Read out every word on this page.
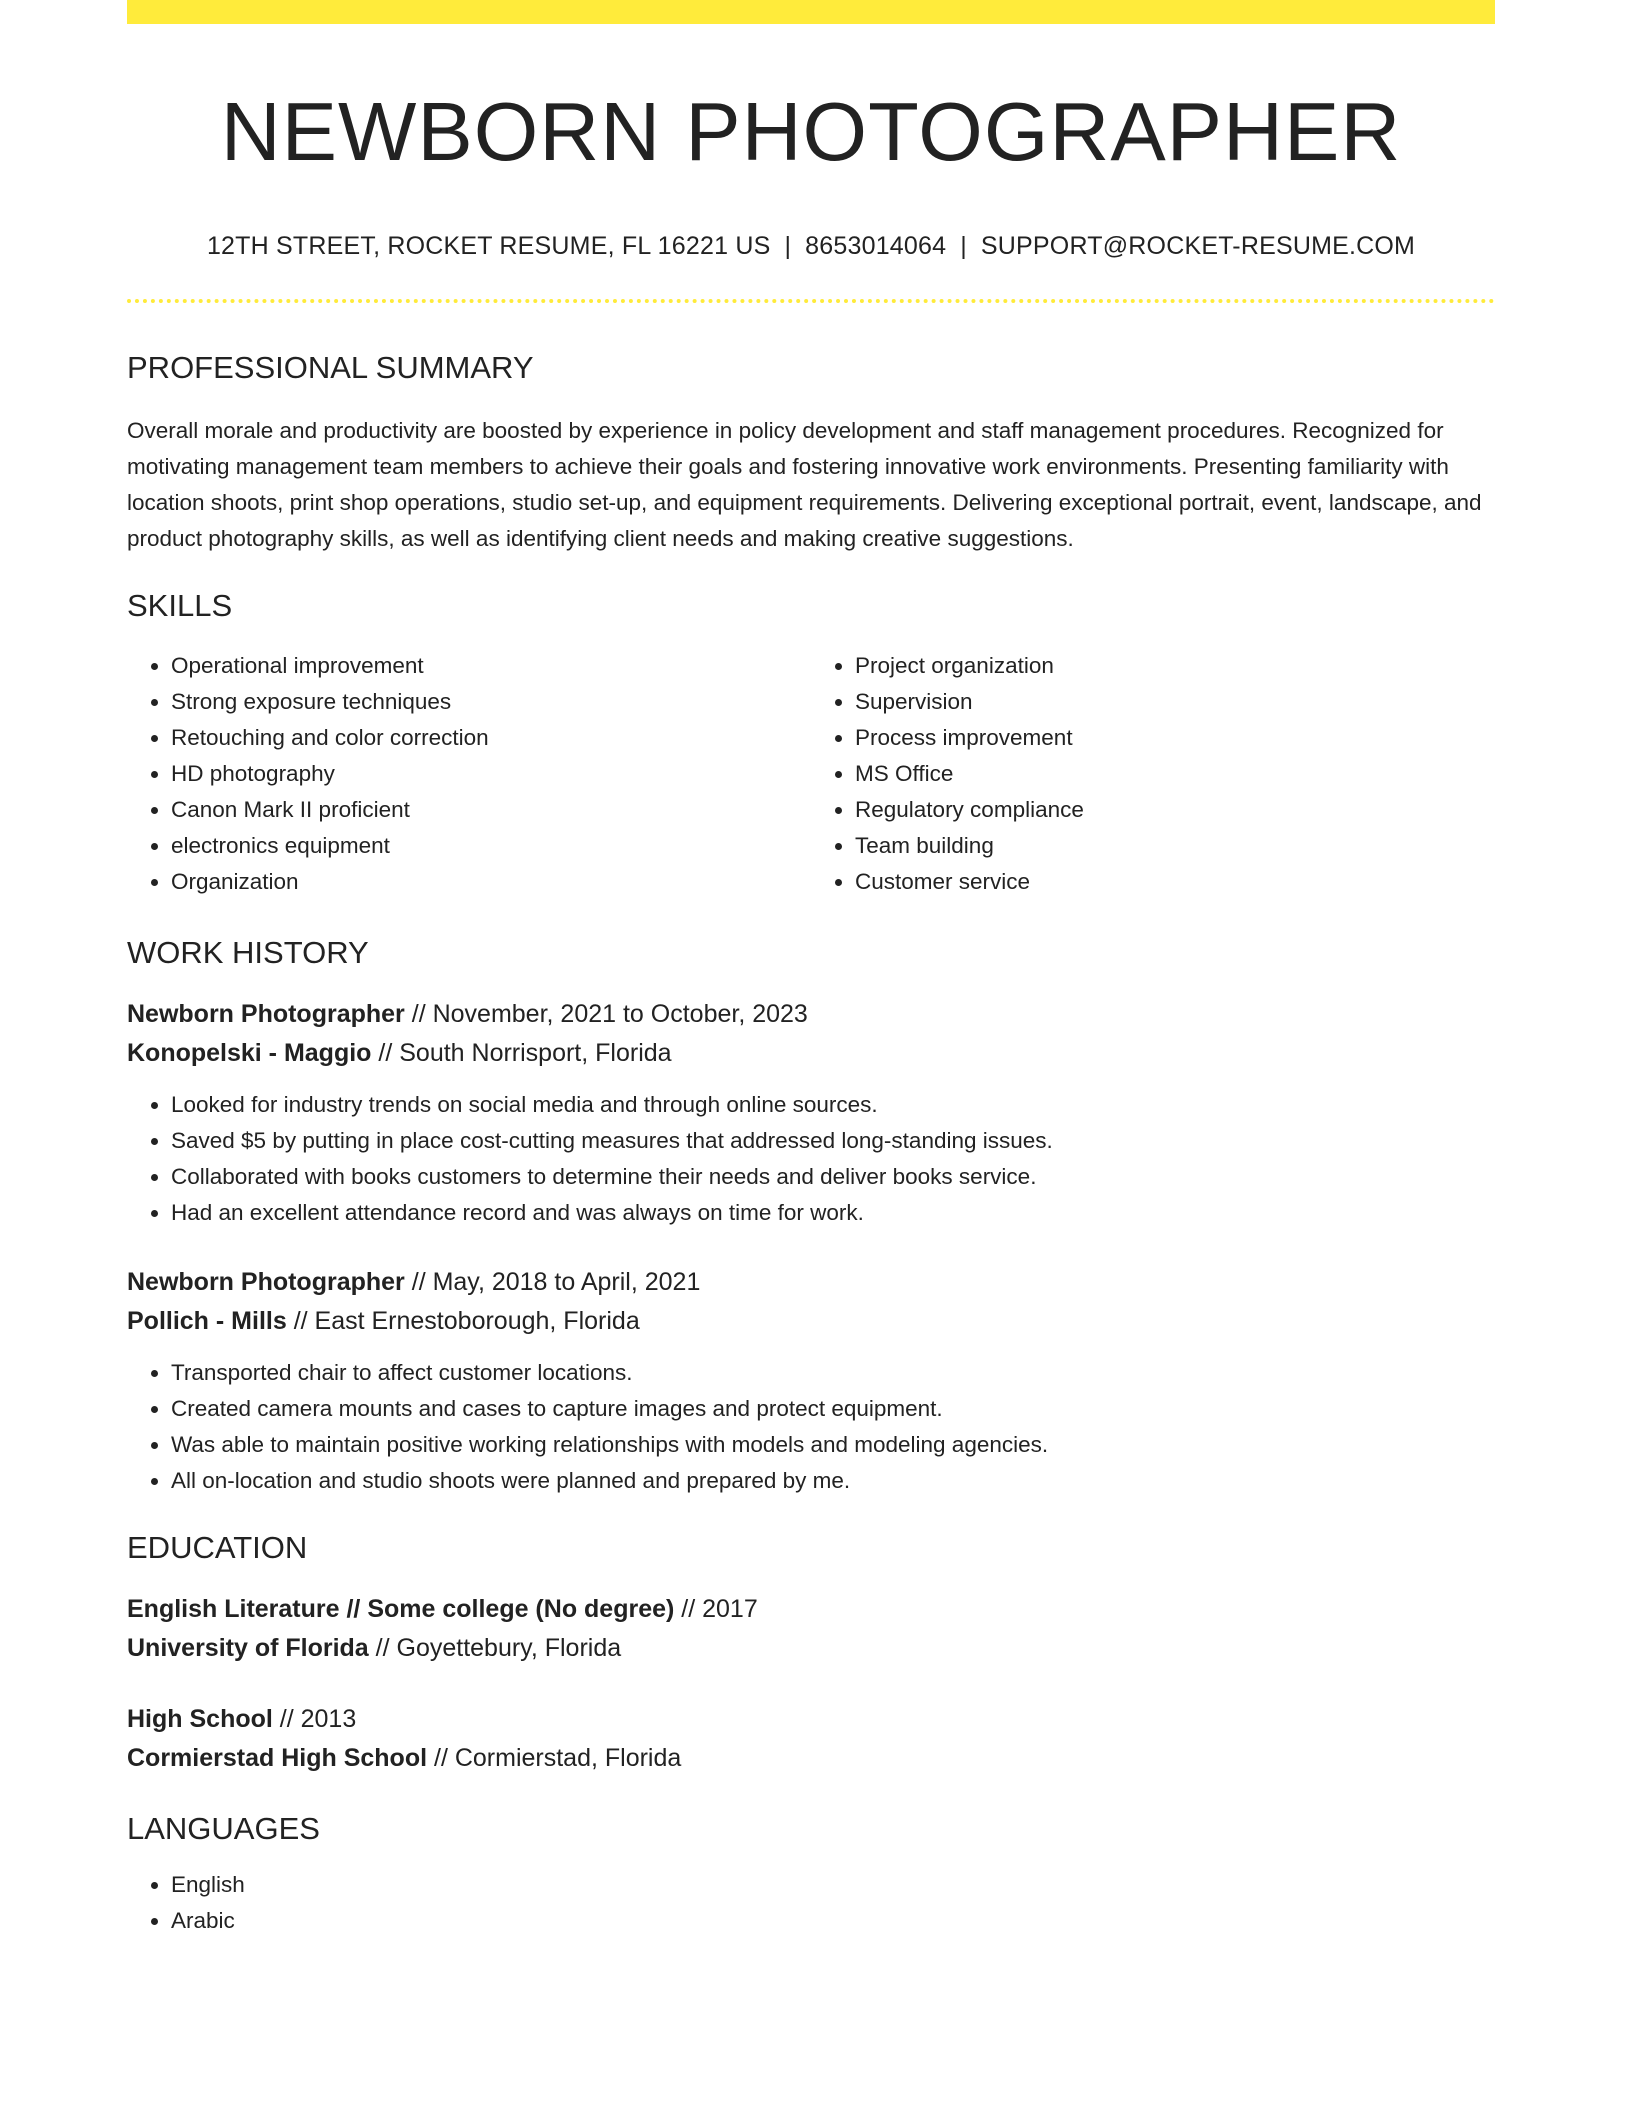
NEWBORN PHOTOGRAPHER
12TH STREET, ROCKET RESUME, FL 16221 US | 8653014064 | SUPPORT@ROCKET-RESUME.COM
PROFESSIONAL SUMMARY
Overall morale and productivity are boosted by experience in policy development and staff management procedures. Recognized for motivating management team members to achieve their goals and fostering innovative work environments. Presenting familiarity with location shoots, print shop operations, studio set-up, and equipment requirements. Delivering exceptional portrait, event, landscape, and product photography skills, as well as identifying client needs and making creative suggestions.
SKILLS
• Operational improvement
• Strong exposure techniques
• Retouching and color correction
• HD photography
• Canon Mark II proficient
• electronics equipment
• Organization
• Project organization
• Supervision
• Process improvement
• MS Office
• Regulatory compliance
• Team building
• Customer service
WORK HISTORY
Newborn Photographer // November, 2021 to October, 2023
Konopelski - Maggio // South Norrisport, Florida
• Looked for industry trends on social media and through online sources.
• Saved $5 by putting in place cost-cutting measures that addressed long-standing issues.
• Collaborated with books customers to determine their needs and deliver books service.
• Had an excellent attendance record and was always on time for work.
Newborn Photographer // May, 2018 to April, 2021
Pollich - Mills // East Ernestoborough, Florida
• Transported chair to affect customer locations.
• Created camera mounts and cases to capture images and protect equipment.
• Was able to maintain positive working relationships with models and modeling agencies.
• All on-location and studio shoots were planned and prepared by me.
EDUCATION
English Literature // Some college (No degree) // 2017
University of Florida // Goyettebury, Florida
High School // 2013
Cormierstad High School // Cormierstad, Florida
LANGUAGES
• English
• Arabic
